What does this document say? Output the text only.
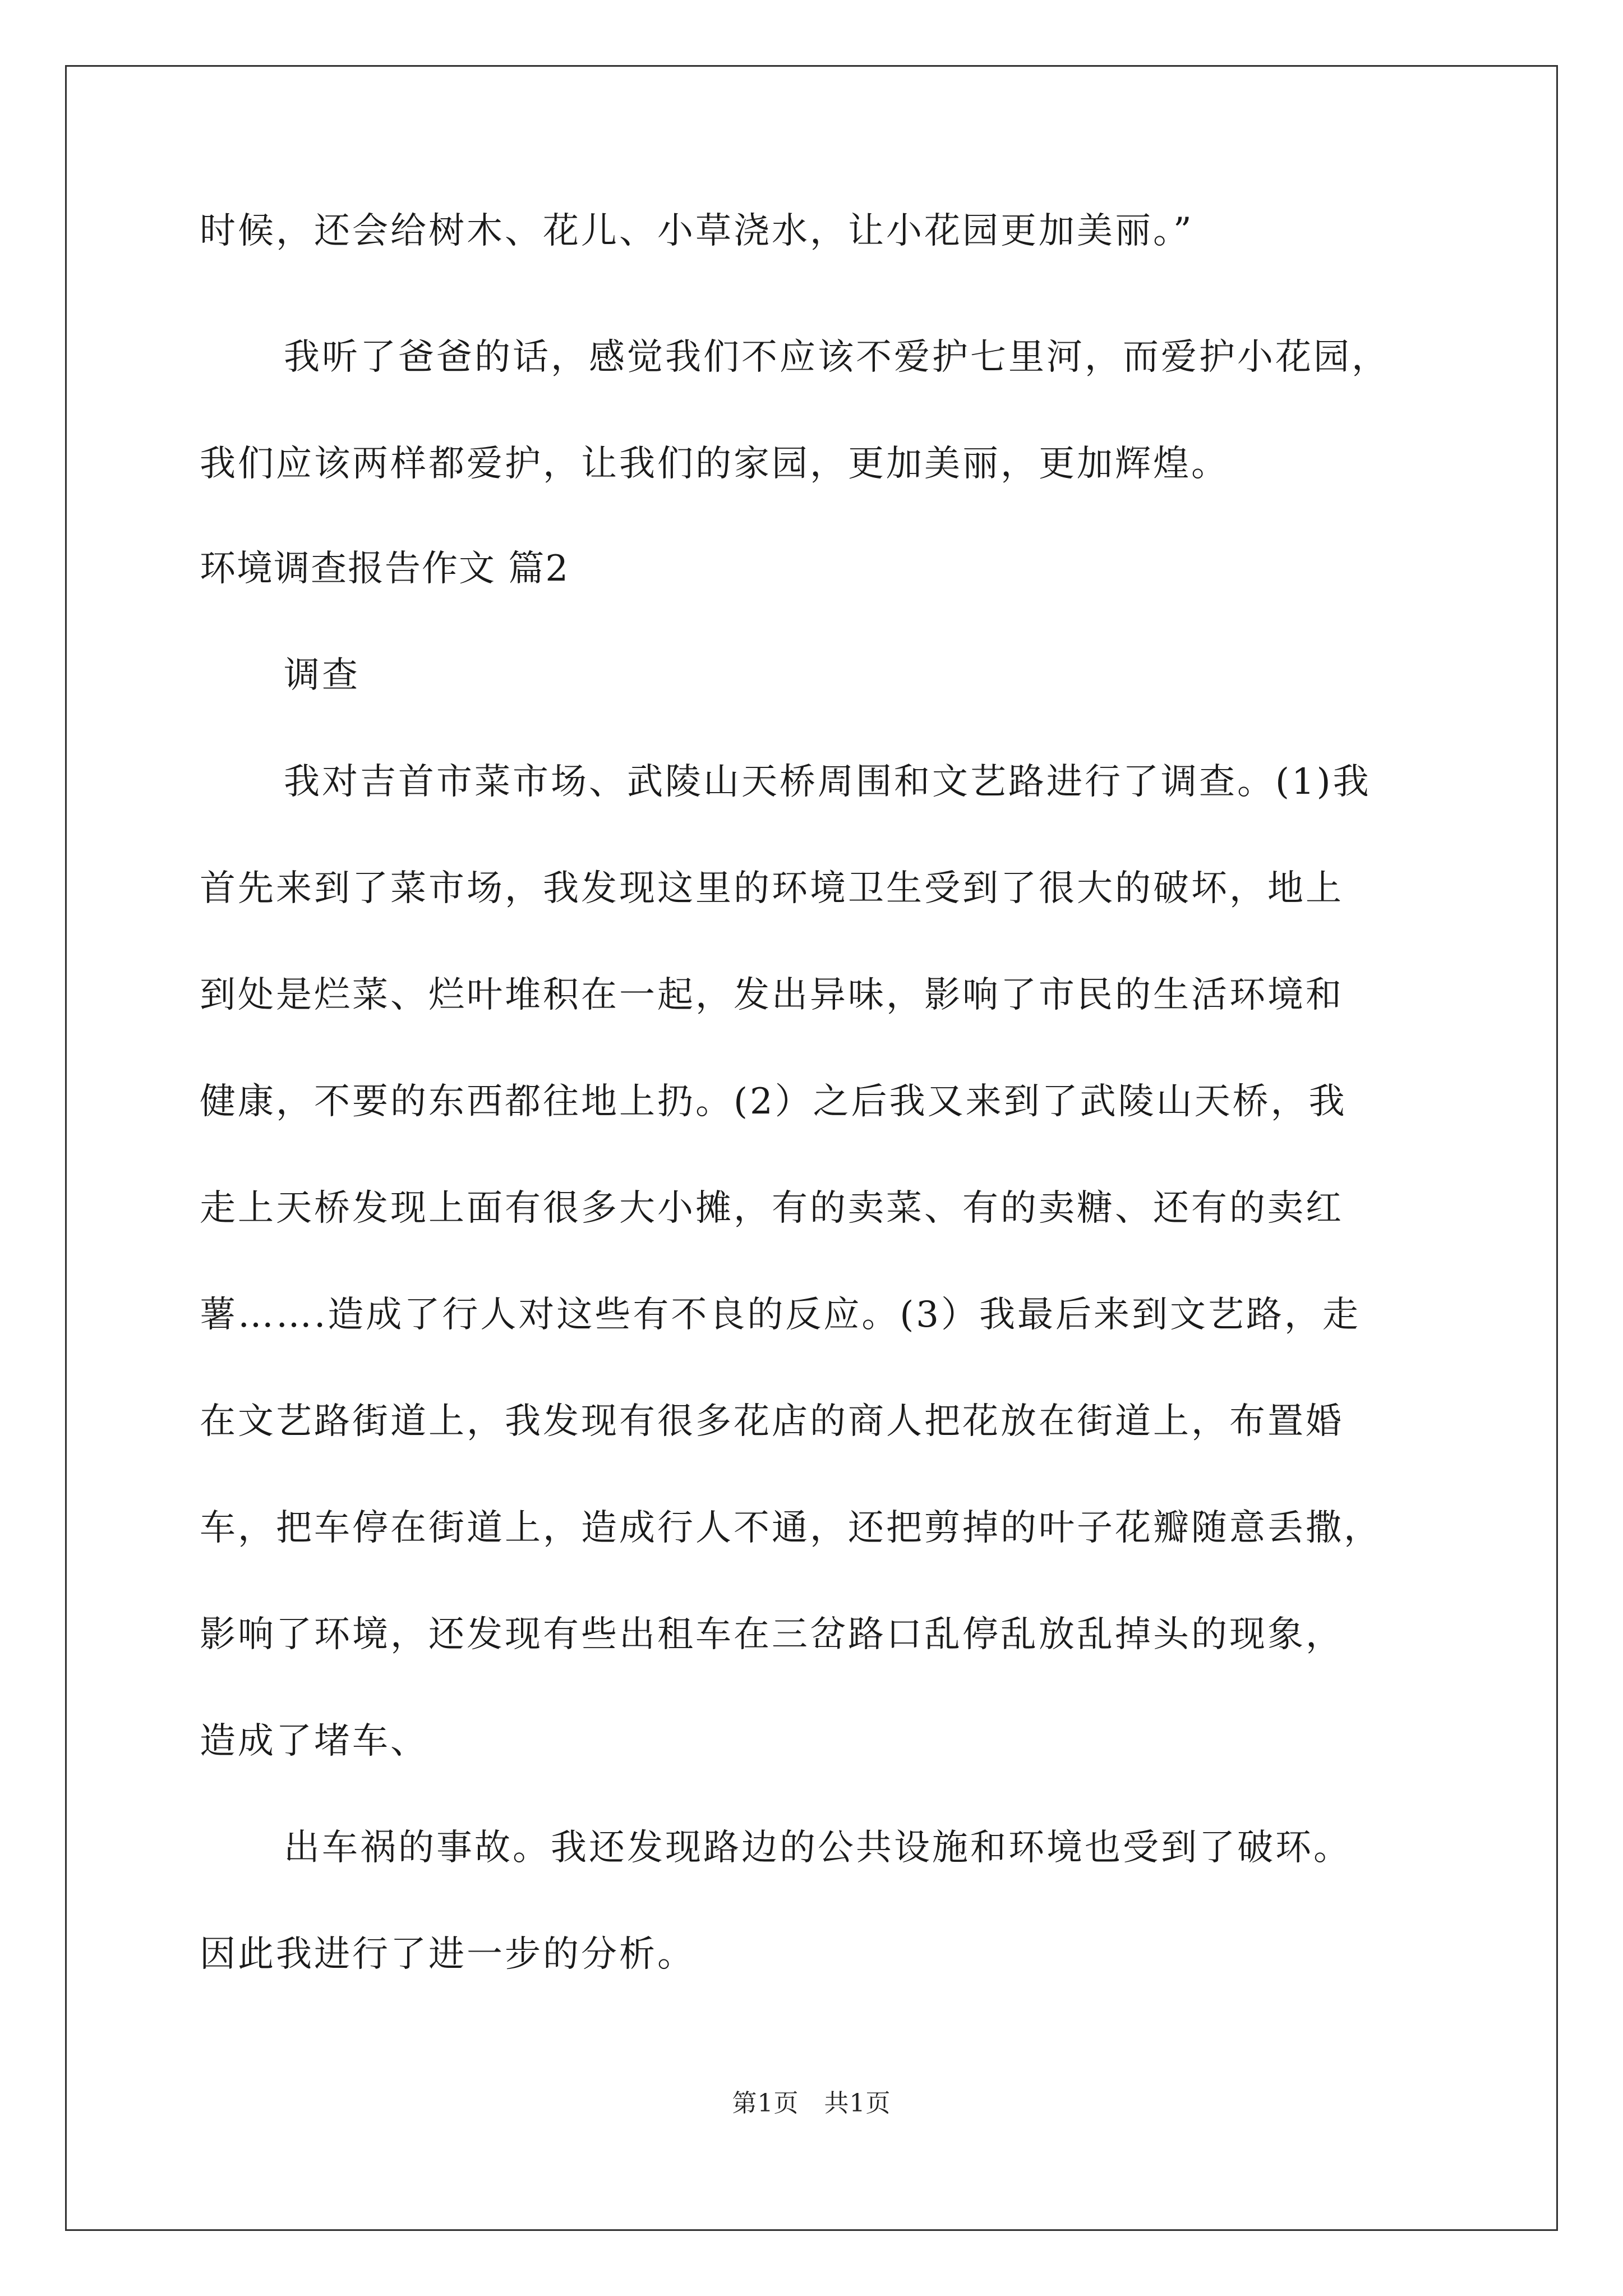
时候，还会给树木、花儿、小草浇水，让小花园更加美丽。”
我听了爸爸的话，感觉我们不应该不爱护七里河，而爱护小花园，
我们应该两样都爱护，让我们的家园，更加美丽，更加辉煌。
环境调查报告作文 篇2
调查
我对吉首市菜市场、武陵山天桥周围和文艺路进行了调查。(1)我
首先来到了菜市场，我发现这里的环境卫生受到了很大的破坏，地上
到处是烂菜、烂叶堆积在一起，发出异味，影响了市民的生活环境和
健康，不要的东西都往地上扔。(2）之后我又来到了武陵山天桥，我
走上天桥发现上面有很多大小摊，有的卖菜、有的卖糖、还有的卖红
薯…….造成了行人对这些有不良的反应。(3）我最后来到文艺路，走
在文艺路街道上，我发现有很多花店的商人把花放在街道上，布置婚
车，把车停在街道上，造成行人不通，还把剪掉的叶子花瓣随意丢撒，
影响了环境，还发现有些出租车在三岔路口乱停乱放乱掉头的现象，
造成了堵车、
出车祸的事故。我还发现路边的公共设施和环境也受到了破环。
因此我进行了进一步的分析。
第1页　共1页
